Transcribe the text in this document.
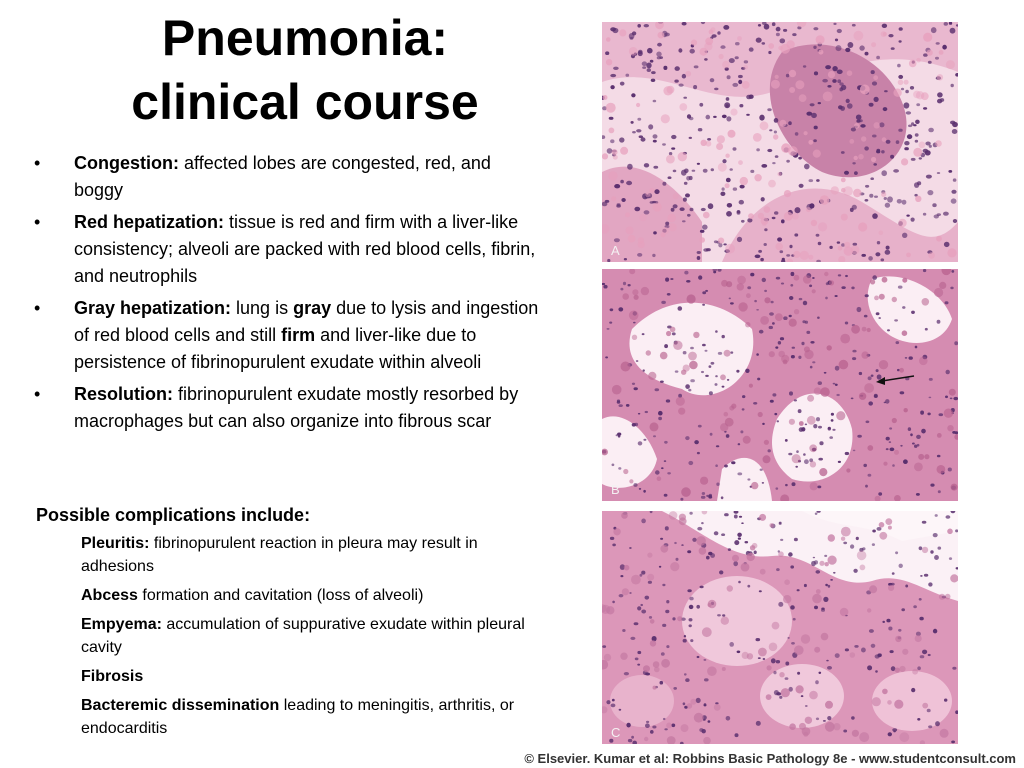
Pneumonia:
clinical course
• Congestion: affected lobes are congested, red, and boggy
• Red hepatization: tissue is red and firm with a liver-like consistency; alveoli are packed with red blood cells, fibrin, and neutrophils
• Gray hepatization: lung is gray due to lysis and ingestion of red blood cells and still firm and liver-like due to persistence of fibrinopurulent exudate within alveoli
• Resolution: fibrinopurulent exudate mostly resorbed by macrophages but can also organize into fibrous scar
Possible complications include:
Pleuritis: fibrinopurulent reaction in pleura may result in adhesions
Abcess formation and cavitation (loss of alveoli)
Empyema: accumulation of suppurative exudate within pleural cavity
Fibrosis
Bacteremic dissemination leading to meningitis, arthritis, or endocarditis
A
B
C
© Elsevier. Kumar et al: Robbins Basic Pathology 8e - www.studentconsult.com
